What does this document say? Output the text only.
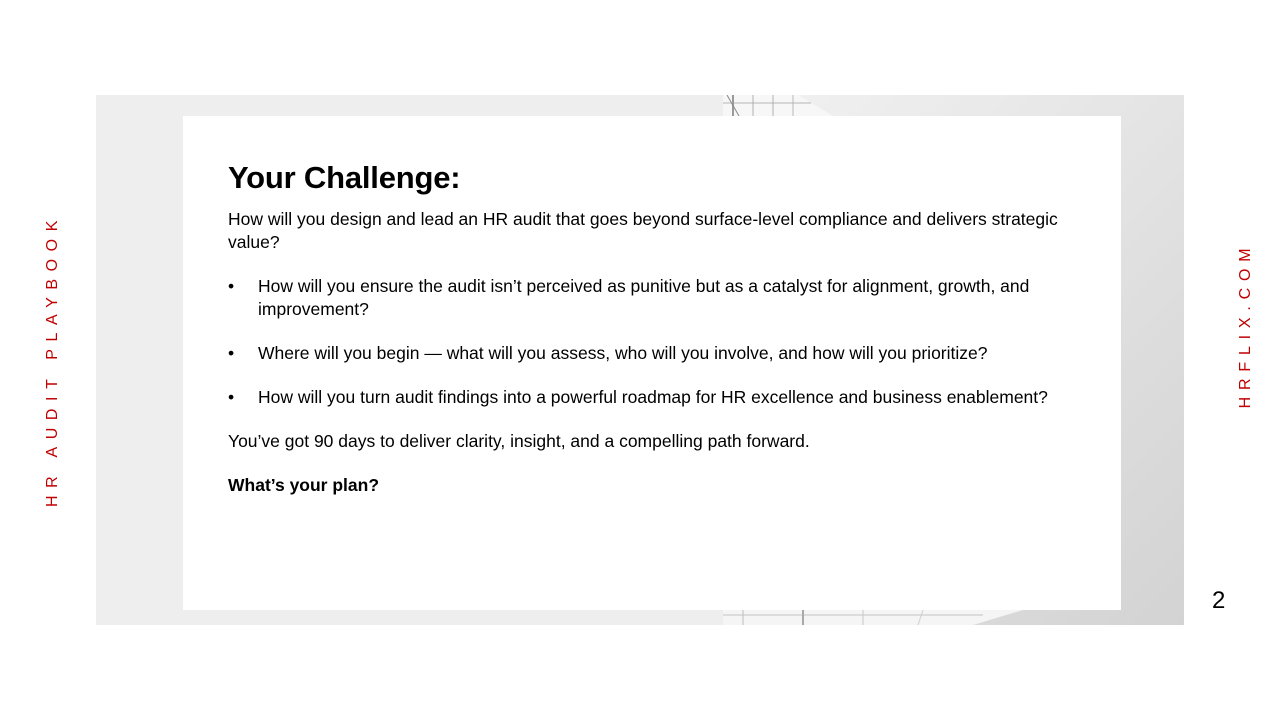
Your Challenge:

How will you design and lead an HR audit that goes beyond surface-level compliance and delivers strategic value?

• How will you ensure the audit isn’t perceived as punitive but as a catalyst for alignment, growth, and improvement?
• Where will you begin — what will you assess, who will you involve, and how will you prioritize?
• How will you turn audit findings into a powerful roadmap for HR excellence and business enablement?

You’ve got 90 days to deliver clarity, insight, and a compelling path forward.

What’s your plan?

HR AUDIT PLAYBOOK	HRFLIX.COM
2
